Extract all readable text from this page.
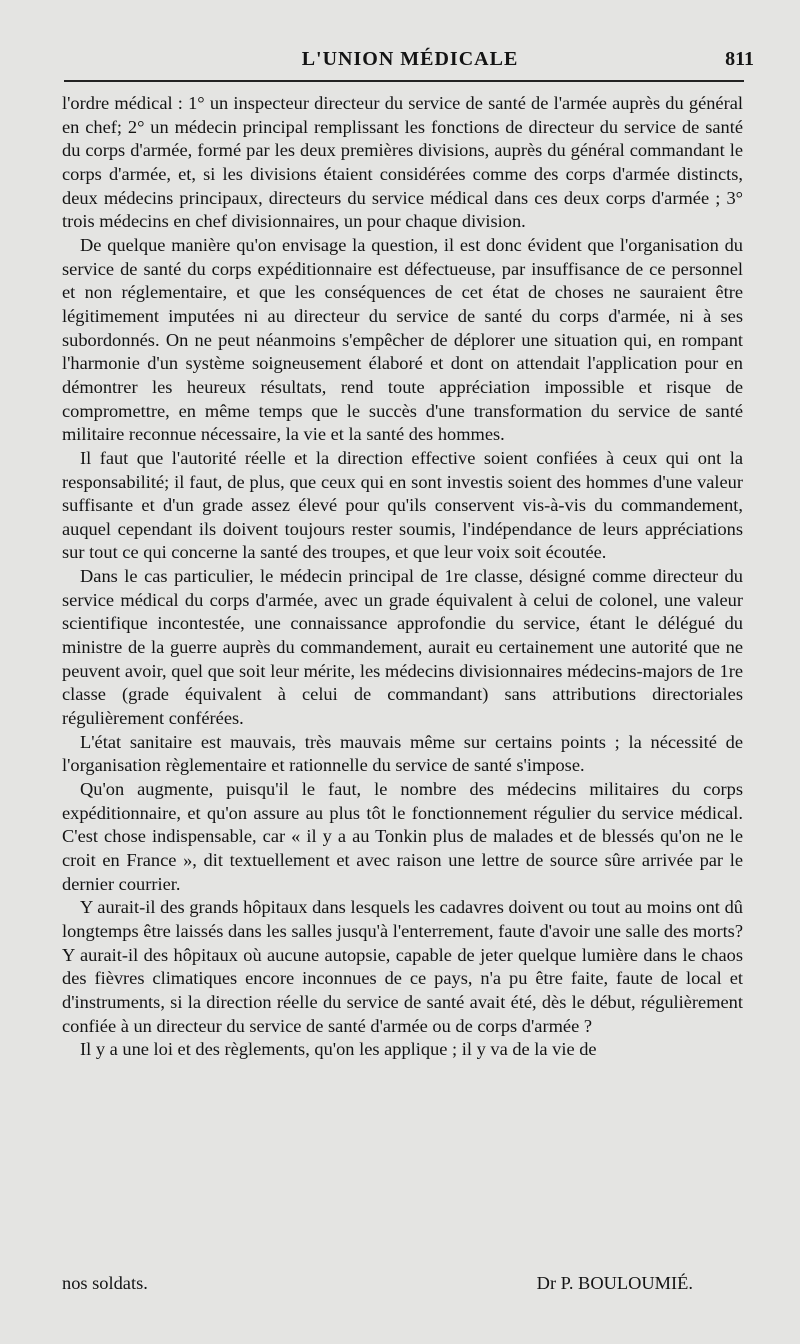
L'UNION MÉDICALE	811

l'ordre médical : 1° un inspecteur directeur du service de santé de l'armée auprès du général en chef; 2° un médecin principal remplissant les fonctions de directeur du service de santé du corps d'armée, formé par les deux premières divisions, auprès du général commandant le corps d'armée, et, si les divisions étaient considérées comme des corps d'armée distincts, deux médecins principaux, directeurs du service médical dans ces deux corps d'armée ; 3° trois médecins en chef divisionnaires, un pour chaque division.

De quelque manière qu'on envisage la question, il est donc évident que l'organisation du service de santé du corps expéditionnaire est défectueuse, par insuffisance de ce personnel et non réglementaire, et que les conséquences de cet état de choses ne sauraient être légitimement imputées ni au directeur du service de santé du corps d'armée, ni à ses subordonnés. On ne peut néanmoins s'empêcher de déplorer une situation qui, en rompant l'harmonie d'un système soigneusement élaboré et dont on attendait l'application pour en démontrer les heureux résultats, rend toute appréciation impossible et risque de compromettre, en même temps que le succès d'une transformation du service de santé militaire reconnue nécessaire, la vie et la santé des hommes.

Il faut que l'autorité réelle et la direction effective soient confiées à ceux qui ont la responsabilité; il faut, de plus, que ceux qui en sont investis soient des hommes d'une valeur suffisante et d'un grade assez élevé pour qu'ils conservent vis-à-vis du commandement, auquel cependant ils doivent toujours rester soumis, l'indépendance de leurs appréciations sur tout ce qui concerne la santé des troupes, et que leur voix soit écoutée.

Dans le cas particulier, le médecin principal de 1re classe, désigné comme directeur du service médical du corps d'armée, avec un grade équivalent à celui de colonel, une valeur scientifique incontestée, une connaissance approfondie du service, étant le délégué du ministre de la guerre auprès du commandement, aurait eu certainement une autorité que ne peuvent avoir, quel que soit leur mérite, les médecins divisionnaires médecins-majors de 1re classe (grade équivalent à celui de commandant) sans attributions directoriales régulièrement conférées.

L'état sanitaire est mauvais, très mauvais même sur certains points ; la nécessité de l'organisation règlementaire et rationnelle du service de santé s'impose.

Qu'on augmente, puisqu'il le faut, le nombre des médecins militaires du corps expéditionnaire, et qu'on assure au plus tôt le fonctionnement régulier du service médical. C'est chose indispensable, car « il y a au Tonkin plus de malades et de blessés qu'on ne le croit en France », dit textuellement et avec raison une lettre de source sûre arrivée par le dernier courrier.

Y aurait-il des grands hôpitaux dans lesquels les cadavres doivent ou tout au moins ont dû longtemps être laissés dans les salles jusqu'à l'enterrement, faute d'avoir une salle des morts? Y aurait-il des hôpitaux où aucune autopsie, capable de jeter quelque lumière dans le chaos des fièvres climatiques encore inconnues de ce pays, n'a pu être faite, faute de local et d'instruments, si la direction réelle du service de santé avait été, dès le début, régulièrement confiée à un directeur du service de santé d'armée ou de corps d'armée ?

Il y a une loi et des règlements, qu'on les applique ; il y va de la vie de

nos soldats.	Dr P. BOULOUMIÉ.
